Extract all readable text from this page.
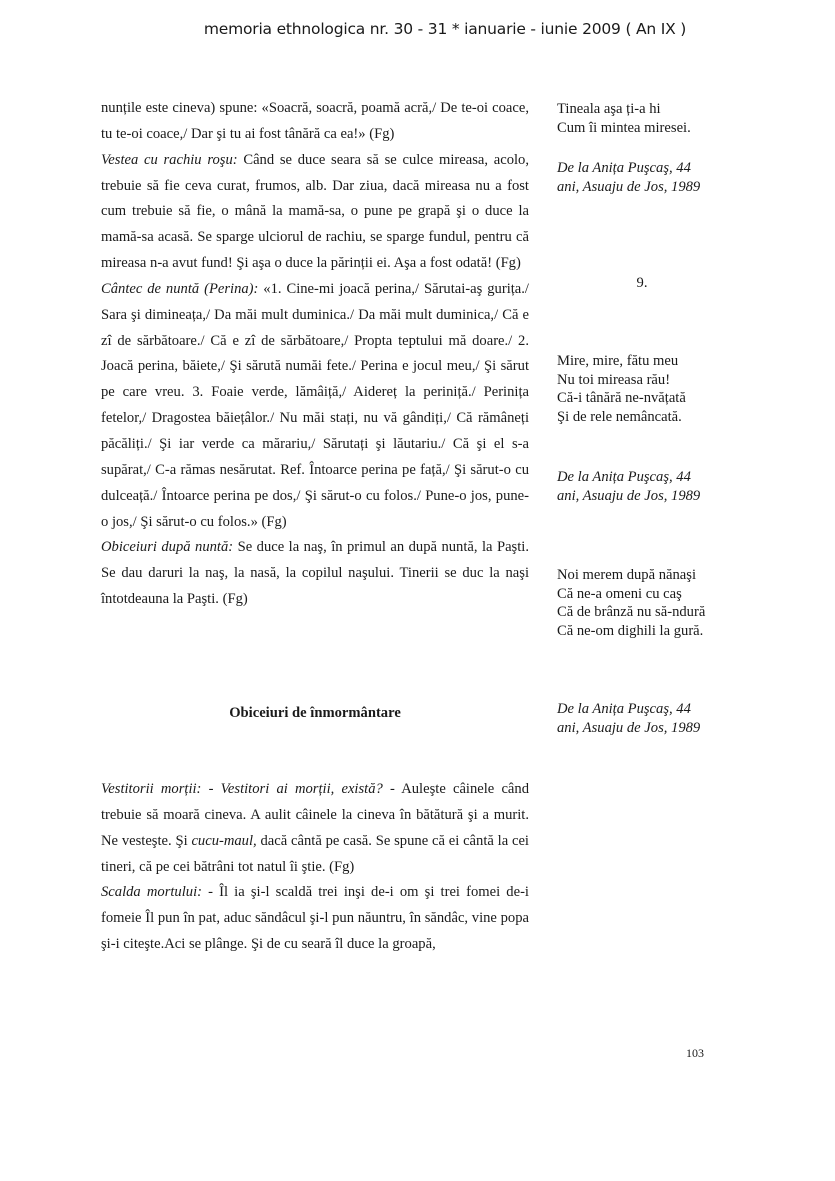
memoria ethnologica nr. 30 - 31 * ianuarie - iunie 2009 ( An IX )

nunțile este cineva) spune: «Soacră, soacră, poamă acră,/ De te-oi coace, tu te-oi coace,/ Dar şi tu ai fost tânără ca ea!» (Fg)

Vestea cu rachiu roşu: Când se duce seara să se culce mireasa, acolo, trebuie să fie ceva curat, frumos, alb. Dar ziua, dacă mireasa nu a fost cum trebuie să fie, o mână la mamă-sa, o pune pe grapă şi o duce la mamă-sa acasă. Se sparge ulciorul de rachiu, se sparge fundul, pentru că mireasa n-a avut fund! Şi aşa o duce la părinții ei. Aşa a fost odată! (Fg)

Cântec de nuntă (Perina): «1. Cine-mi joacă perina,/ Sărutai-aş gurița./ Sara şi dimineața,/ Da măi mult duminica./ Da măi mult duminica,/ Că e zî de sărbătoare./ Că e zî de sărbătoare,/ Propta teptului mă doare./ 2. Joacă perina, băiete,/ Şi sărută număi fete./ Perina e jocul meu,/ Şi sărut pe care vreu. 3. Foaie verde, lămâiță,/ Aidereț la periniță./ Perinița fetelor,/ Dragostea băiețâlor./ Nu măi stați, nu vă gândiți,/ Că rămâneți păcăliți./ Şi iar verde ca mărariu,/ Sărutați şi lăutariu./ Că şi el s-a supărat,/ C-a rămas nesărutat. Ref. Întoarce perina pe față,/ Şi sărut-o cu dulceață./ Întoarce perina pe dos,/ Şi sărut-o cu folos./ Pune-o jos, pune-o jos,/ Şi sărut-o cu folos.» (Fg)

Obiceiuri după nuntă: Se duce la naş, în primul an după nuntă, la Paşti. Se dau daruri la naş, la nasă, la copilul naşului. Tinerii se duc la naşi întotdeauna la Paşti. (Fg)

Obiceiuri de înmormântare

Vestitorii morții: - Vestitori ai morții, există? - Auleşte câinele când trebuie să moară cineva. A aulit câinele la cineva în bătătură şi a murit. Ne vesteşte. Şi cucu-maul, dacă cântă pe casă. Se spune că ei cântă la cei tineri, că pe cei bătrâni tot natul îi ştie. (Fg)

Scalda mortului: - Îl ia şi-l scaldă trei inşi de-i om şi trei fomei de-i fomeie Îl pun în pat, aduc săndâcul şi-l pun năuntru, în săndâc, vine popa şi-i citeşte.Aci se plânge. Şi de cu seară îl duce la groapă,

Tineala aşa ți-a hi
Cum îi mintea miresei.
De la Anița Puşcaş, 44
ani, Asuaju de Jos, 1989
9.
Mire, mire, fătu meu
Nu toi mireasa rău!
Că-i tânără ne-nvățată
Şi de rele nemâncată.
De la Anița Puşcaş, 44
ani, Asuaju de Jos, 1989
Noi merem după nănaşi
Că ne-a omeni cu caş
Că de brânză nu să-ndură
Că ne-om dighili la gură.
De la Anița Puşcaş, 44
ani, Asuaju de Jos, 1989
103
